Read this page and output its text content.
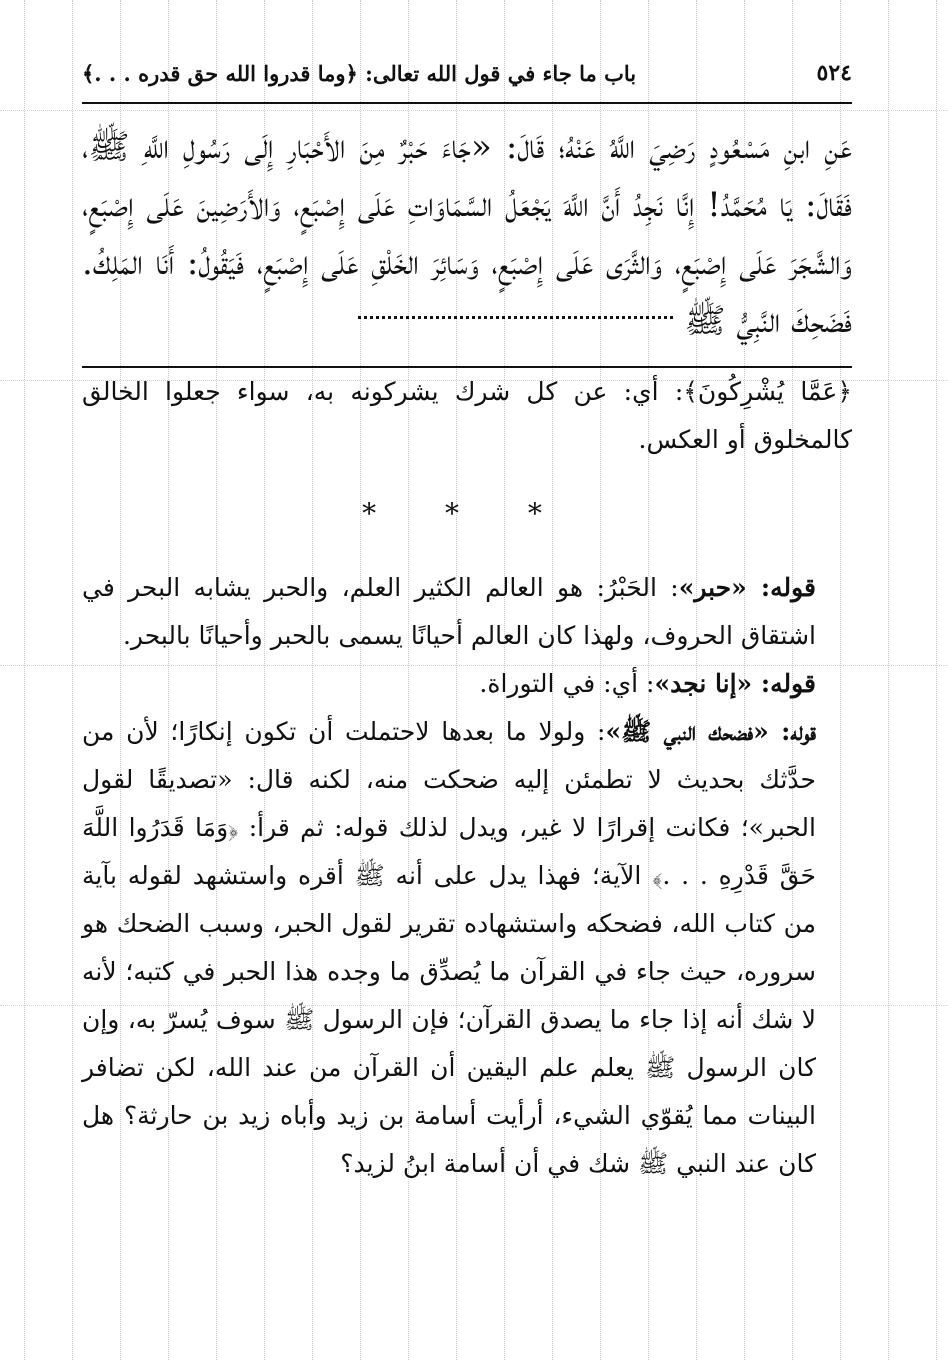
٥٢٤
باب ما جاء في قول الله تعالى: ﴿وما قدروا الله حق قدره . . .﴾
عَنِ ابنِ مَسْعُودٍ رَضِيَ اللَّهُ عَنْهُ؛ قَالَ: «جَاءَ حَبْرٌ مِنَ الأَحْبَارِ إِلَى رَسُولِ اللَّهِ ﷺ، فَقَالَ: يَا مُحَمَّدُ! إِنَّا نَجِدُ أَنَّ اللَّهَ يَجْعَلُ السَّمَاوَاتِ عَلَى إِصْبَعٍ، وَالأَرَضِينَ عَلَى إِصْبَعٍ، وَالشَّجَرَ عَلَى إِصْبَعٍ، وَالثَّرَى عَلَى إِصْبَعٍ، وَسَائِرَ الخَلْقِ عَلَى إِصْبَعٍ، فَيَقُولُ: أَنَا المَلِكُ. فَضَحِكَ النَّبِيُّ ﷺ

﴿عَمَّا يُشْرِكُونَ﴾: أي: عن كل شرك يشركونه به، سواء جعلوا الخالق كالمخلوق أو العكس.

* * *

قوله: «حبر»: الحَبْرُ: هو العالم الكثير العلم، والحبر يشابه البحر في اشتقاق الحروف، ولهذا كان العالم أحيانًا يسمى بالحبر وأحيانًا بالبحر.

قوله: «إنا نجد»: أي: في التوراة.

قوله: «فضحك النبي ﷺ»: ولولا ما بعدها لاحتملت أن تكون إنكارًا؛ لأن من حدَّثك بحديث لا تطمئن إليه ضحكت منه، لكنه قال: «تصديقًا لقول الحبر»؛ فكانت إقرارًا لا غير، ويدل لذلك قوله: ثم قرأ: ﴿وَمَا قَدَرُوا اللَّهَ حَقَّ قَدْرِهِ . . .﴾ الآية؛ فهذا يدل على أنه ﷺ أقره واستشهد لقوله بآية من كتاب الله، فضحكه واستشهاده تقرير لقول الحبر، وسبب الضحك هو سروره، حيث جاء في القرآن ما يُصدِّق ما وجده هذا الحبر في كتبه؛ لأنه لا شك أنه إذا جاء ما يصدق القرآن؛ فإن الرسول ﷺ سوف يُسرّ به، وإن كان الرسول ﷺ يعلم علم اليقين أن القرآن من عند الله، لكن تضافر البينات مما يُقوّي الشيء، أرأيت أسامة بن زيد وأباه زيد بن حارثة؟ هل كان عند النبي ﷺ شك في أن أسامة ابنُ لزيد؟
